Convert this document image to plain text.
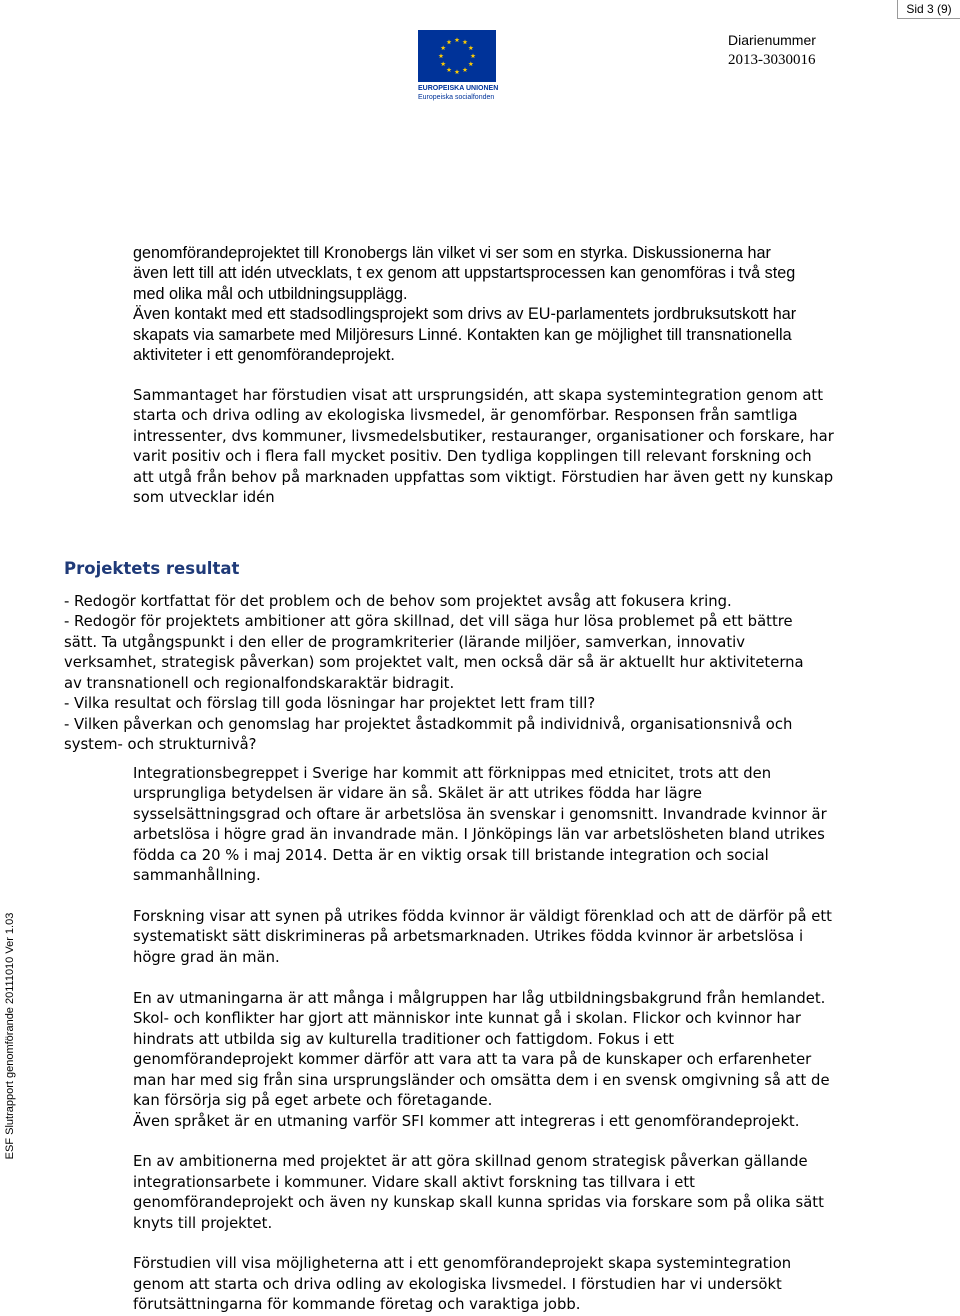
Sid 3 (9)
EUROPEISKA UNIONEN
Europeiska socialfonden
Diarienummer
2013-3030016
ESF Slutrapport genomförande 20111010 Ver 1.03

genomförandeprojektet till Kronobergs län vilket vi ser som en styrka. Diskussionerna har

även lett till att idén utvecklats, t ex genom att uppstartsprocessen kan genomföras i två steg

med olika mål och utbildningsupplägg.

Även kontakt med ett stadsodlingsprojekt som drivs av EU-parlamentets jordbruksutskott har

skapats via samarbete med Miljöresurs Linné. Kontakten kan ge möjlighet till transnationella

aktiviteter i ett genomförandeprojekt.

Sammantaget har förstudien visat att ursprungsidén, att skapa systemintegration genom att

starta och driva odling av ekologiska livsmedel, är genomförbar. Responsen från samtliga

intressenter, dvs kommuner, livsmedelsbutiker, restauranger, organisationer och forskare, har

varit positiv och i flera fall mycket positiv. Den tydliga kopplingen till relevant forskning och

att utgå från behov på marknaden uppfattas som viktigt. Förstudien har även gett ny kunskap

som utvecklar idén

Projektets resultat

- Redogör kortfattat för det problem och de behov som projektet avsåg att fokusera kring.

- Redogör för projektets ambitioner att göra skillnad, det vill säga hur lösa problemet på ett bättre

sätt. Ta utgångspunkt i den eller de programkriterier (lärande miljöer, samverkan, innovativ

verksamhet, strategisk påverkan) som projektet valt, men också där så är aktuellt hur aktiviteterna

av transnationell och regionalfondskaraktär bidragit.

- Vilka resultat och förslag till goda lösningar har projektet lett fram till?

- Vilken påverkan och genomslag har projektet åstadkommit på individnivå, organisationsnivå och

system- och strukturnivå?

Integrationsbegreppet i Sverige har kommit att förknippas med etnicitet, trots att den

ursprungliga betydelsen är vidare än så. Skälet är att utrikes födda har lägre

sysselsättningsgrad och oftare är arbetslösa än svenskar i genomsnitt. Invandrade kvinnor är

arbetslösa i högre grad än invandrade män. I Jönköpings län var arbetslösheten bland utrikes

födda ca 20 % i maj 2014. Detta är en viktig orsak till bristande integration och social

sammanhållning.

Forskning visar att synen på utrikes födda kvinnor är väldigt förenklad och att de därför på ett

systematiskt sätt diskrimineras på arbetsmarknaden. Utrikes födda kvinnor är arbetslösa i

högre grad än män.

En av utmaningarna är att många i målgruppen har låg utbildningsbakgrund från hemlandet.

Skol- och konflikter har gjort att människor inte kunnat gå i skolan. Flickor och kvinnor har

hindrats att utbilda sig av kulturella traditioner och fattigdom. Fokus i ett

genomförandeprojekt kommer därför att vara att ta vara på de kunskaper och erfarenheter

man har med sig från sina ursprungsländer och omsätta dem i en svensk omgivning så att de

kan försörja sig på eget arbete och företagande.

Även språket är en utmaning varför SFI kommer att integreras i ett genomförandeprojekt.

En av ambitionerna med projektet är att göra skillnad genom strategisk påverkan gällande

integrationsarbete i kommuner. Vidare skall aktivt forskning tas tillvara i ett

genomförandeprojekt och även ny kunskap skall kunna spridas via forskare som på olika sätt

knyts till projektet.

Förstudien vill visa möjligheterna att i ett genomförandeprojekt skapa systemintegration

genom att starta och driva odling av ekologiska livsmedel. I förstudien har vi undersökt

förutsättningarna för kommande företag och varaktiga jobb.
